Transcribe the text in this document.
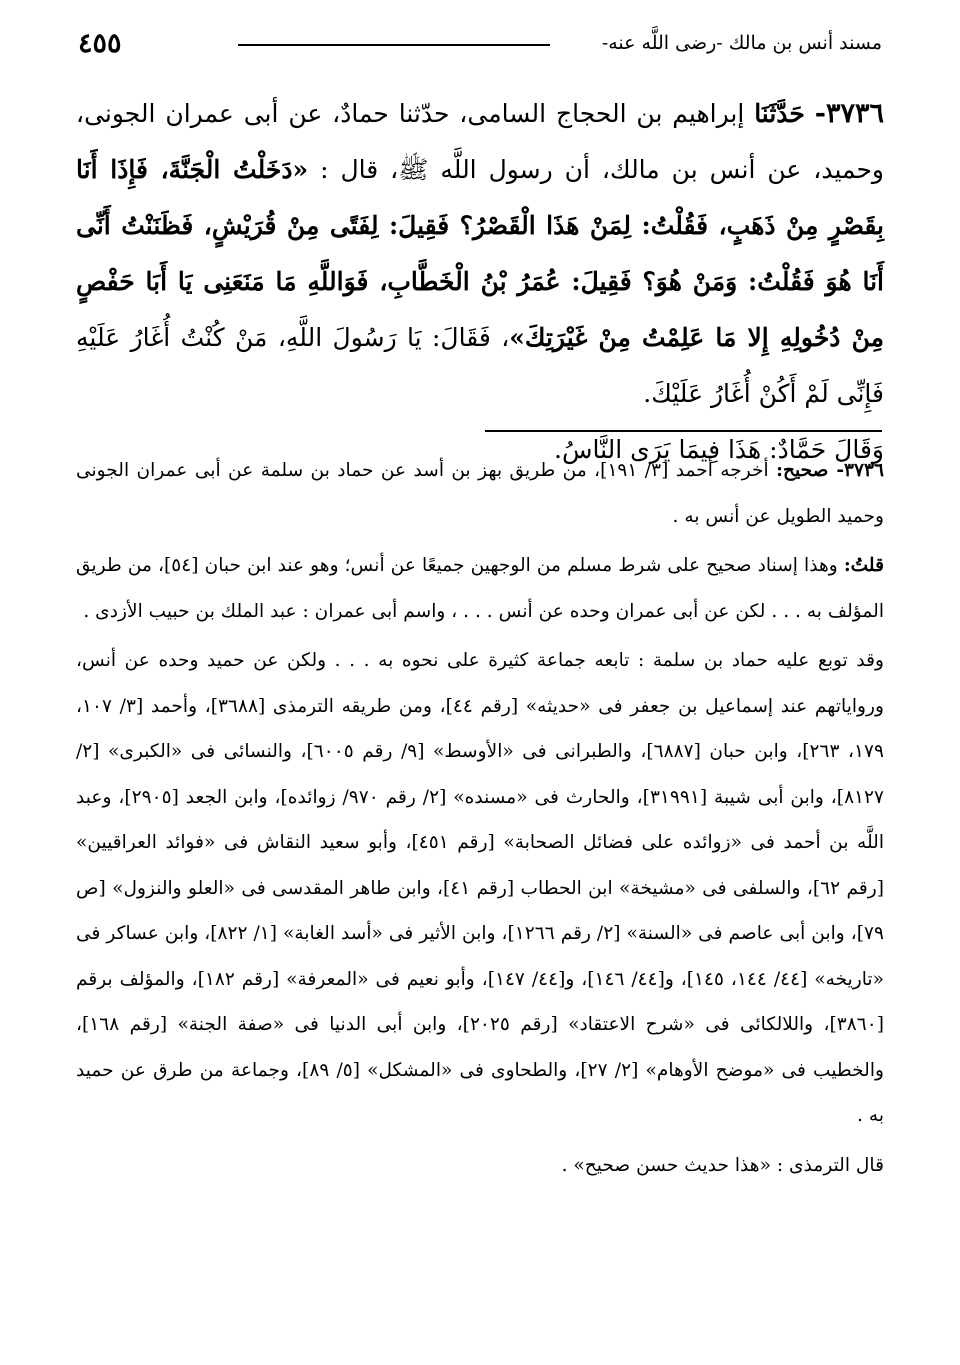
مسند أنس بن مالك -رضى اللَّه عنه-
٤٥٥
٣٧٣٦- حَدَّثَنَا إبراهيم بن الحجاج السامى، حدّثنا حمادٌ، عن أبى عمران الجونى، وحميد، عن أنس بن مالك، أن رسول اللَّه ﷺ، قال : «دَخَلْتُ الْجَنَّةَ، فَإِذَا أَنَا بِقَصْرٍ مِنْ ذَهَبٍ، فَقُلْتُ: لِمَنْ هَذَا الْقَصْرُ؟ فَقِيلَ: لِفَتًى مِنْ قُرَيْشٍ، فَظَنَنْتُ أَنِّى أَنَا هُوَ فَقُلْتُ: وَمَنْ هُوَ؟ فَقِيلَ: عُمَرُ بْنُ الْخَطَّابِ، فَوَاللَّهِ مَا مَنَعَنِى يَا أَبَا حَفْصٍ مِنْ دُخُولِهِ إِلا مَا عَلِمْتُ مِنْ غَيْرَتِكَ»، فَقَالَ: يَا رَسُولَ اللَّهِ، مَنْ كُنْتُ أُغَارُ عَلَيْهِ فَإِنِّى لَمْ أَكُنْ أُغَارُ عَلَيْكَ.
وَقَالَ حَمَّادٌ: هَذَا فِيمَا يَرَى النَّاسُ.

٣٧٣٦- صحيح: أخرجه أحمد [٣/ ١٩١]، من طريق بهز بن أسد عن حماد بن سلمة عن أبى عمران الجونى وحميد الطويل عن أنس به .

قلتُ: وهذا إسناد صحيح على شرط مسلم من الوجهين جميعًا عن أنس؛ وهو عند ابن حبان [٥٤]، من طريق المؤلف به . . . لكن عن أبى عمران وحده عن أنس . . . ، واسم أبى عمران : عبد الملك بن حبيب الأزدى .

وقد توبع عليه حماد بن سلمة : تابعه جماعة كثيرة على نحوه به . . . ولكن عن حميد وحده عن أنس، ورواياتهم عند إسماعيل بن جعفر فى «حديثه» [رقم ٤٤]، ومن طريقه الترمذى [٣٦٨٨]، وأحمد [٣/ ١٠٧، ١٧٩، ٢٦٣]، وابن حبان [٦٨٨٧]، والطبرانى فى «الأوسط» [٩/ رقم ٦٠٠٥]، والنسائى فى «الكبرى» [٢/ ٨١٢٧]، وابن أبى شيبة [٣١٩٩١]، والحارث فى «مسنده» [٢/ رقم ٩٧٠/ زوائده]، وابن الجعد [٢٩٠٥]، وعبد اللَّه بن أحمد فى «زوائده على فضائل الصحابة» [رقم ٤٥١]، وأبو سعيد النقاش فى «فوائد العراقيين» [رقم ٦٢]، والسلفى فى «مشيخة» ابن الحطاب [رقم ٤١]، وابن طاهر المقدسى فى «العلو والنزول» [ص ٧٩]، وابن أبى عاصم فى «السنة» [٢/ رقم ١٢٦٦]، وابن الأثير فى «أسد الغابة» [١/ ٨٢٢]، وابن عساكر فى «تاريخه» [٤٤/ ١٤٤، ١٤٥]، و[٤٤/ ١٤٦]، و[٤٤/ ١٤٧]، وأبو نعيم فى «المعرفة» [رقم ١٨٢]، والمؤلف برقم [٣٨٦٠]، واللالكائى فى «شرح الاعتقاد» [رقم ٢٠٢٥]، وابن أبى الدنيا فى «صفة الجنة» [رقم ١٦٨]، والخطيب فى «موضح الأوهام» [٢/ ٢٧]، والطحاوى فى «المشكل» [٥/ ٨٩]، وجماعة من طرق عن حميد به .

قال الترمذى : «هذا حديث حسن صحيح» .
